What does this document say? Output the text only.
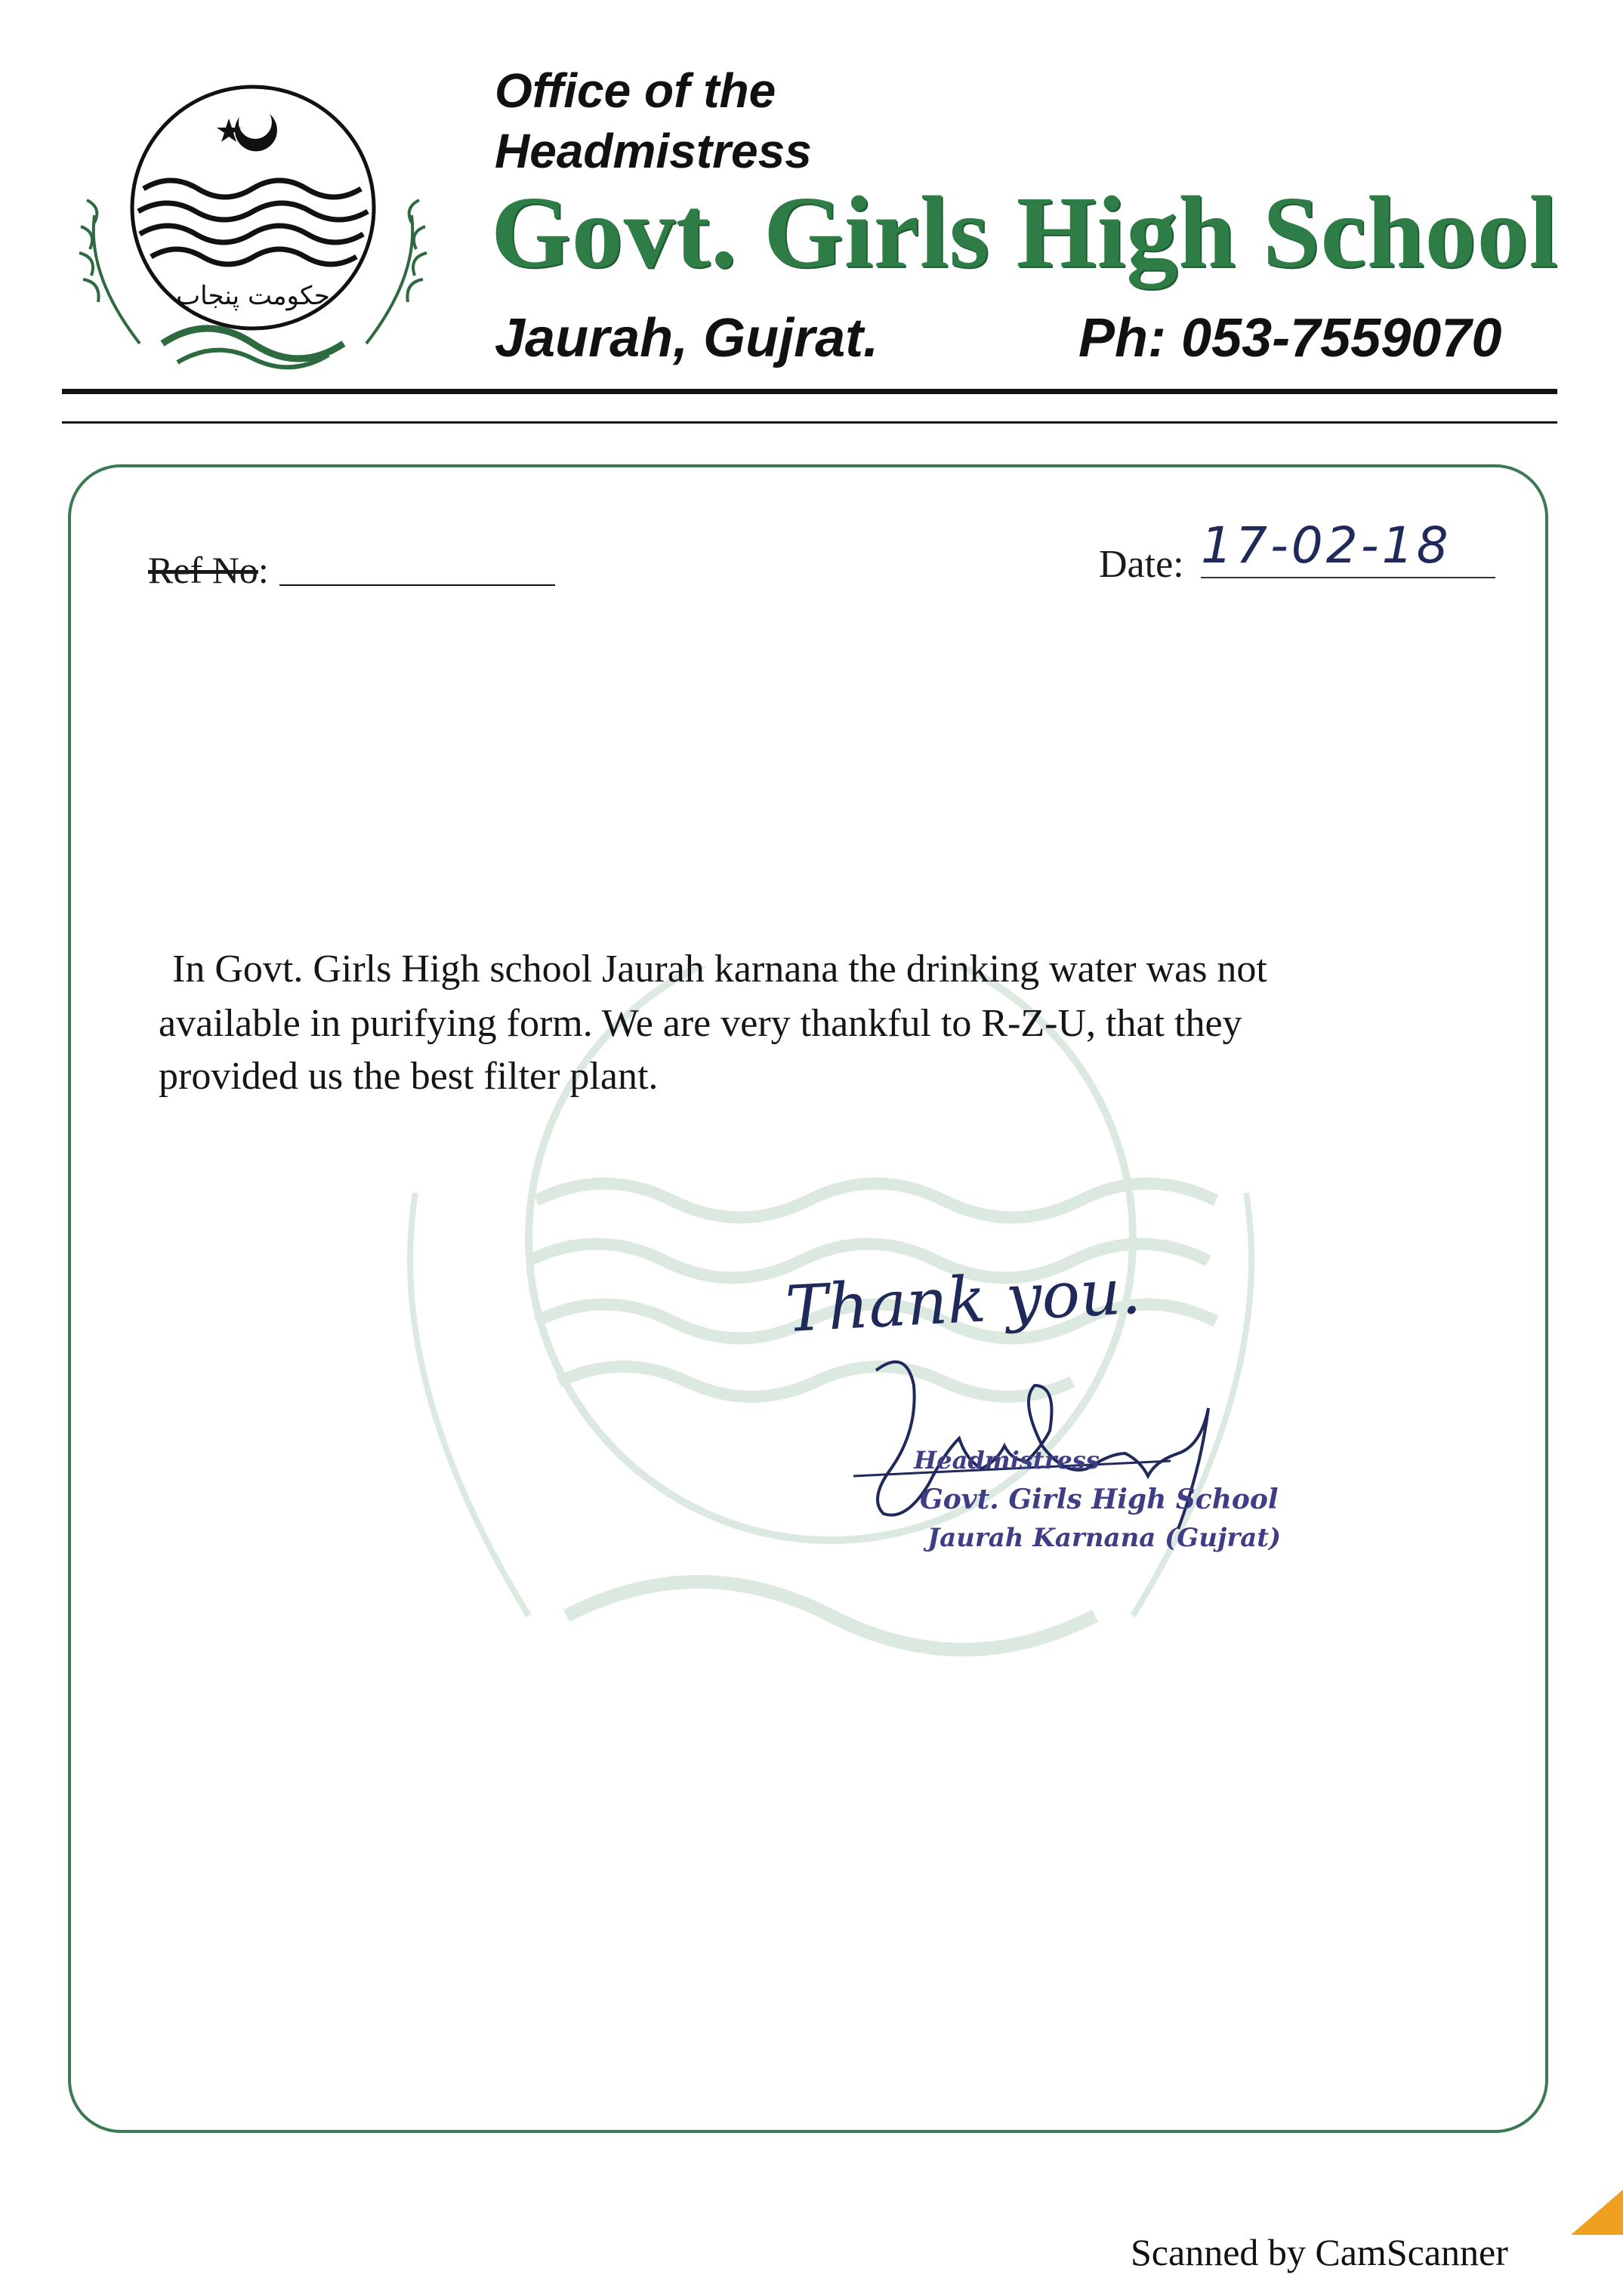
حکومت پنجاب
Office of the
Headmistress
Govt. Girls High School
Jaurah, Gujrat.	Ph: 053-7559070
Ref No:	Date: 17-02-18
In Govt. Girls High school Jaurah karnana the drinking water was not
available in purifying form. We are very thankful to R-Z-U, that they
provided us the best filter plant.
Thank you.
Headmistress
Govt. Girls High School
Jaurah Karnana (Gujrat)
Scanned by CamScanner
